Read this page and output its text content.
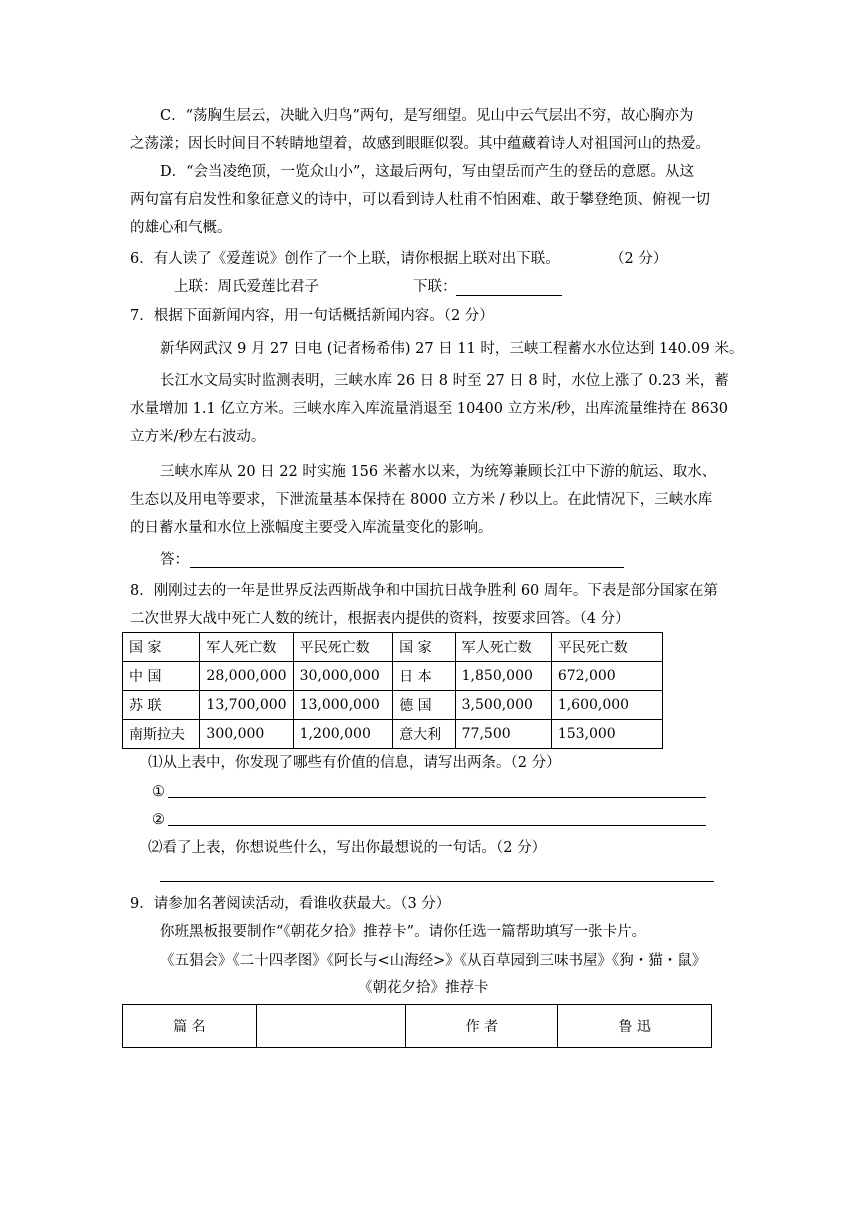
C．“荡胸生层云，决眦入归鸟”两句，是写细望。见山中云气层出不穷，故心胸亦为
之荡漾；因长时间目不转睛地望着，故感到眼眶似裂。其中蕴藏着诗人对祖国河山的热爱。
D．“会当凌绝顶，一览众山小”，这最后两句，写由望岳而产生的登岳的意愿。从这
两句富有启发性和象征意义的诗中，可以看到诗人杜甫不怕困难、敢于攀登绝顶、俯视一切
的雄心和气概。
6．有人读了《爱莲说》创作了一个上联，请你根据上联对出下联。	（2 分）
上联：周氏爱莲比君子	下联：
7．根据下面新闻内容，用一句话概括新闻内容。（2 分）
新华网武汉 9 月 27 日电 (记者杨希伟) 27 日 11 时，三峡工程蓄水水位达到 140.09 米。
长江水文局实时监测表明，三峡水库 26 日 8 时至 27 日 8 时，水位上涨了 0.23 米，蓄
水量增加 1.1 亿立方米。三峡水库入库流量消退至 10400 立方米/秒，出库流量维持在 8630
立方米/秒左右波动。
三峡水库从 20 日 22 时实施 156 米蓄水以来，为统筹兼顾长江中下游的航运、取水、
生态以及用电等要求，下泄流量基本保持在 8000 立方米 / 秒以上。在此情况下，三峡水库
的日蓄水量和水位上涨幅度主要受入库流量变化的影响。
答：
8．刚刚过去的一年是世界反法西斯战争和中国抗日战争胜利 60 周年。下表是部分国家在第
二次世界大战中死亡人数的统计，根据表内提供的资料，按要求回答。（4 分）
国 家	军人死亡数	平民死亡数	国 家	军人死亡数	平民死亡数
中 国	28,000,000	30,000,000	日 本	1,850,000	672,000
苏 联	13,700,000	13,000,000	德 国	3,500,000	1,600,000
南斯拉夫	300,000	1,200,000	意大利	77,500	153,000
⑴从上表中，你发现了哪些有价值的信息，请写出两条。（2 分）
①
②
⑵看了上表，你想说些什么，写出你最想说的一句话。（2 分）
9．请参加名著阅读活动，看谁收获最大。（3 分）
你班黑板报要制作“《朝花夕拾》推荐卡”。请你任选一篇帮助填写一张卡片。
《五猖会》《二十四孝图》《阿长与<山海经>》《从百草园到三味书屋》《狗・猫・鼠》
《朝花夕拾》推荐卡
篇 名		作 者	鲁 迅
